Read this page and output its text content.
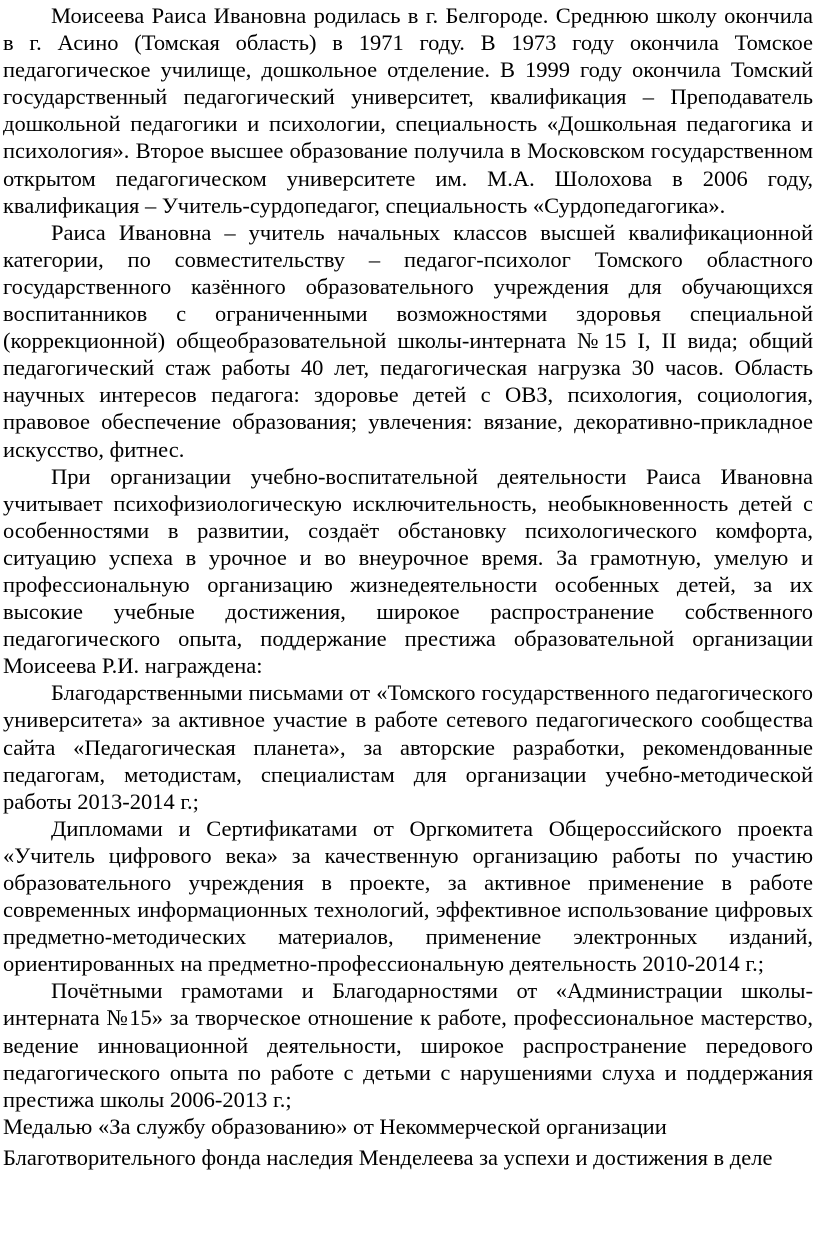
Моисеева Раиса Ивановна родилась в г. Белгороде. Среднюю школу окончила в г. Асино (Томская область) в 1971 году. В 1973 году окончила Томское педагогическое училище, дошкольное отделение. В 1999 году окончила Томский государственный педагогический университет, квалификация – Преподаватель дошкольной педагогики и психологии, специальность «Дошкольная педагогика и психология». Второе высшее образование получила в Московском государственном открытом педагогическом университете им. М.А. Шолохова в 2006 году, квалификация – Учитель-сурдопедагог, специальность «Сурдопедагогика».

Раиса Ивановна – учитель начальных классов высшей квалификационной категории, по совместительству – педагог-психолог Томского областного государственного казённого образовательного учреждения для обучающихся воспитанников с ограниченными возможностями здоровья специальной (коррекционной) общеобразовательной школы-интерната №15 I, II вида; общий педагогический стаж работы 40 лет, педагогическая нагрузка 30 часов. Область научных интересов педагога: здоровье детей с ОВЗ, психология, социология, правовое обеспечение образования; увлечения: вязание, декоративно-прикладное искусство, фитнес.

При организации учебно-воспитательной деятельности Раиса Ивановна учитывает психофизиологическую исключительность, необыкновенность детей с особенностями в развитии, создаёт обстановку психологического комфорта, ситуацию успеха в урочное и во внеурочное время. За грамотную, умелую и профессиональную организацию жизнедеятельности особенных детей, за их высокие учебные достижения, широкое распространение собственного педагогического опыта, поддержание престижа образовательной организации Моисеева Р.И. награждена:

Благодарственными письмами от «Томского государственного педагогического университета» за активное участие в работе сетевого педагогического сообщества сайта «Педагогическая планета», за авторские разработки, рекомендованные педагогам, методистам, специалистам для организации учебно-методической работы 2013-2014 г.;

Дипломами и Сертификатами от Оргкомитета Общероссийского проекта «Учитель цифрового века» за качественную организацию работы по участию образовательного учреждения в проекте, за активное применение в работе современных информационных технологий, эффективное использование цифровых предметно-методических материалов, применение электронных изданий, ориентированных на предметно-профессиональную деятельность 2010-2014 г.;

Почётными грамотами и Благодарностями от «Администрации школы-интерната №15» за творческое отношение к работе, профессиональное мастерство, ведение инновационной деятельности, широкое распространение передового педагогического опыта по работе с детьми с нарушениями слуха и поддержания престижа школы 2006-2013 г.;

Медалью «За службу образованию» от Некоммерческой организации

Благотворительного фонда наследия Менделеева за успехи и достижения в деле
